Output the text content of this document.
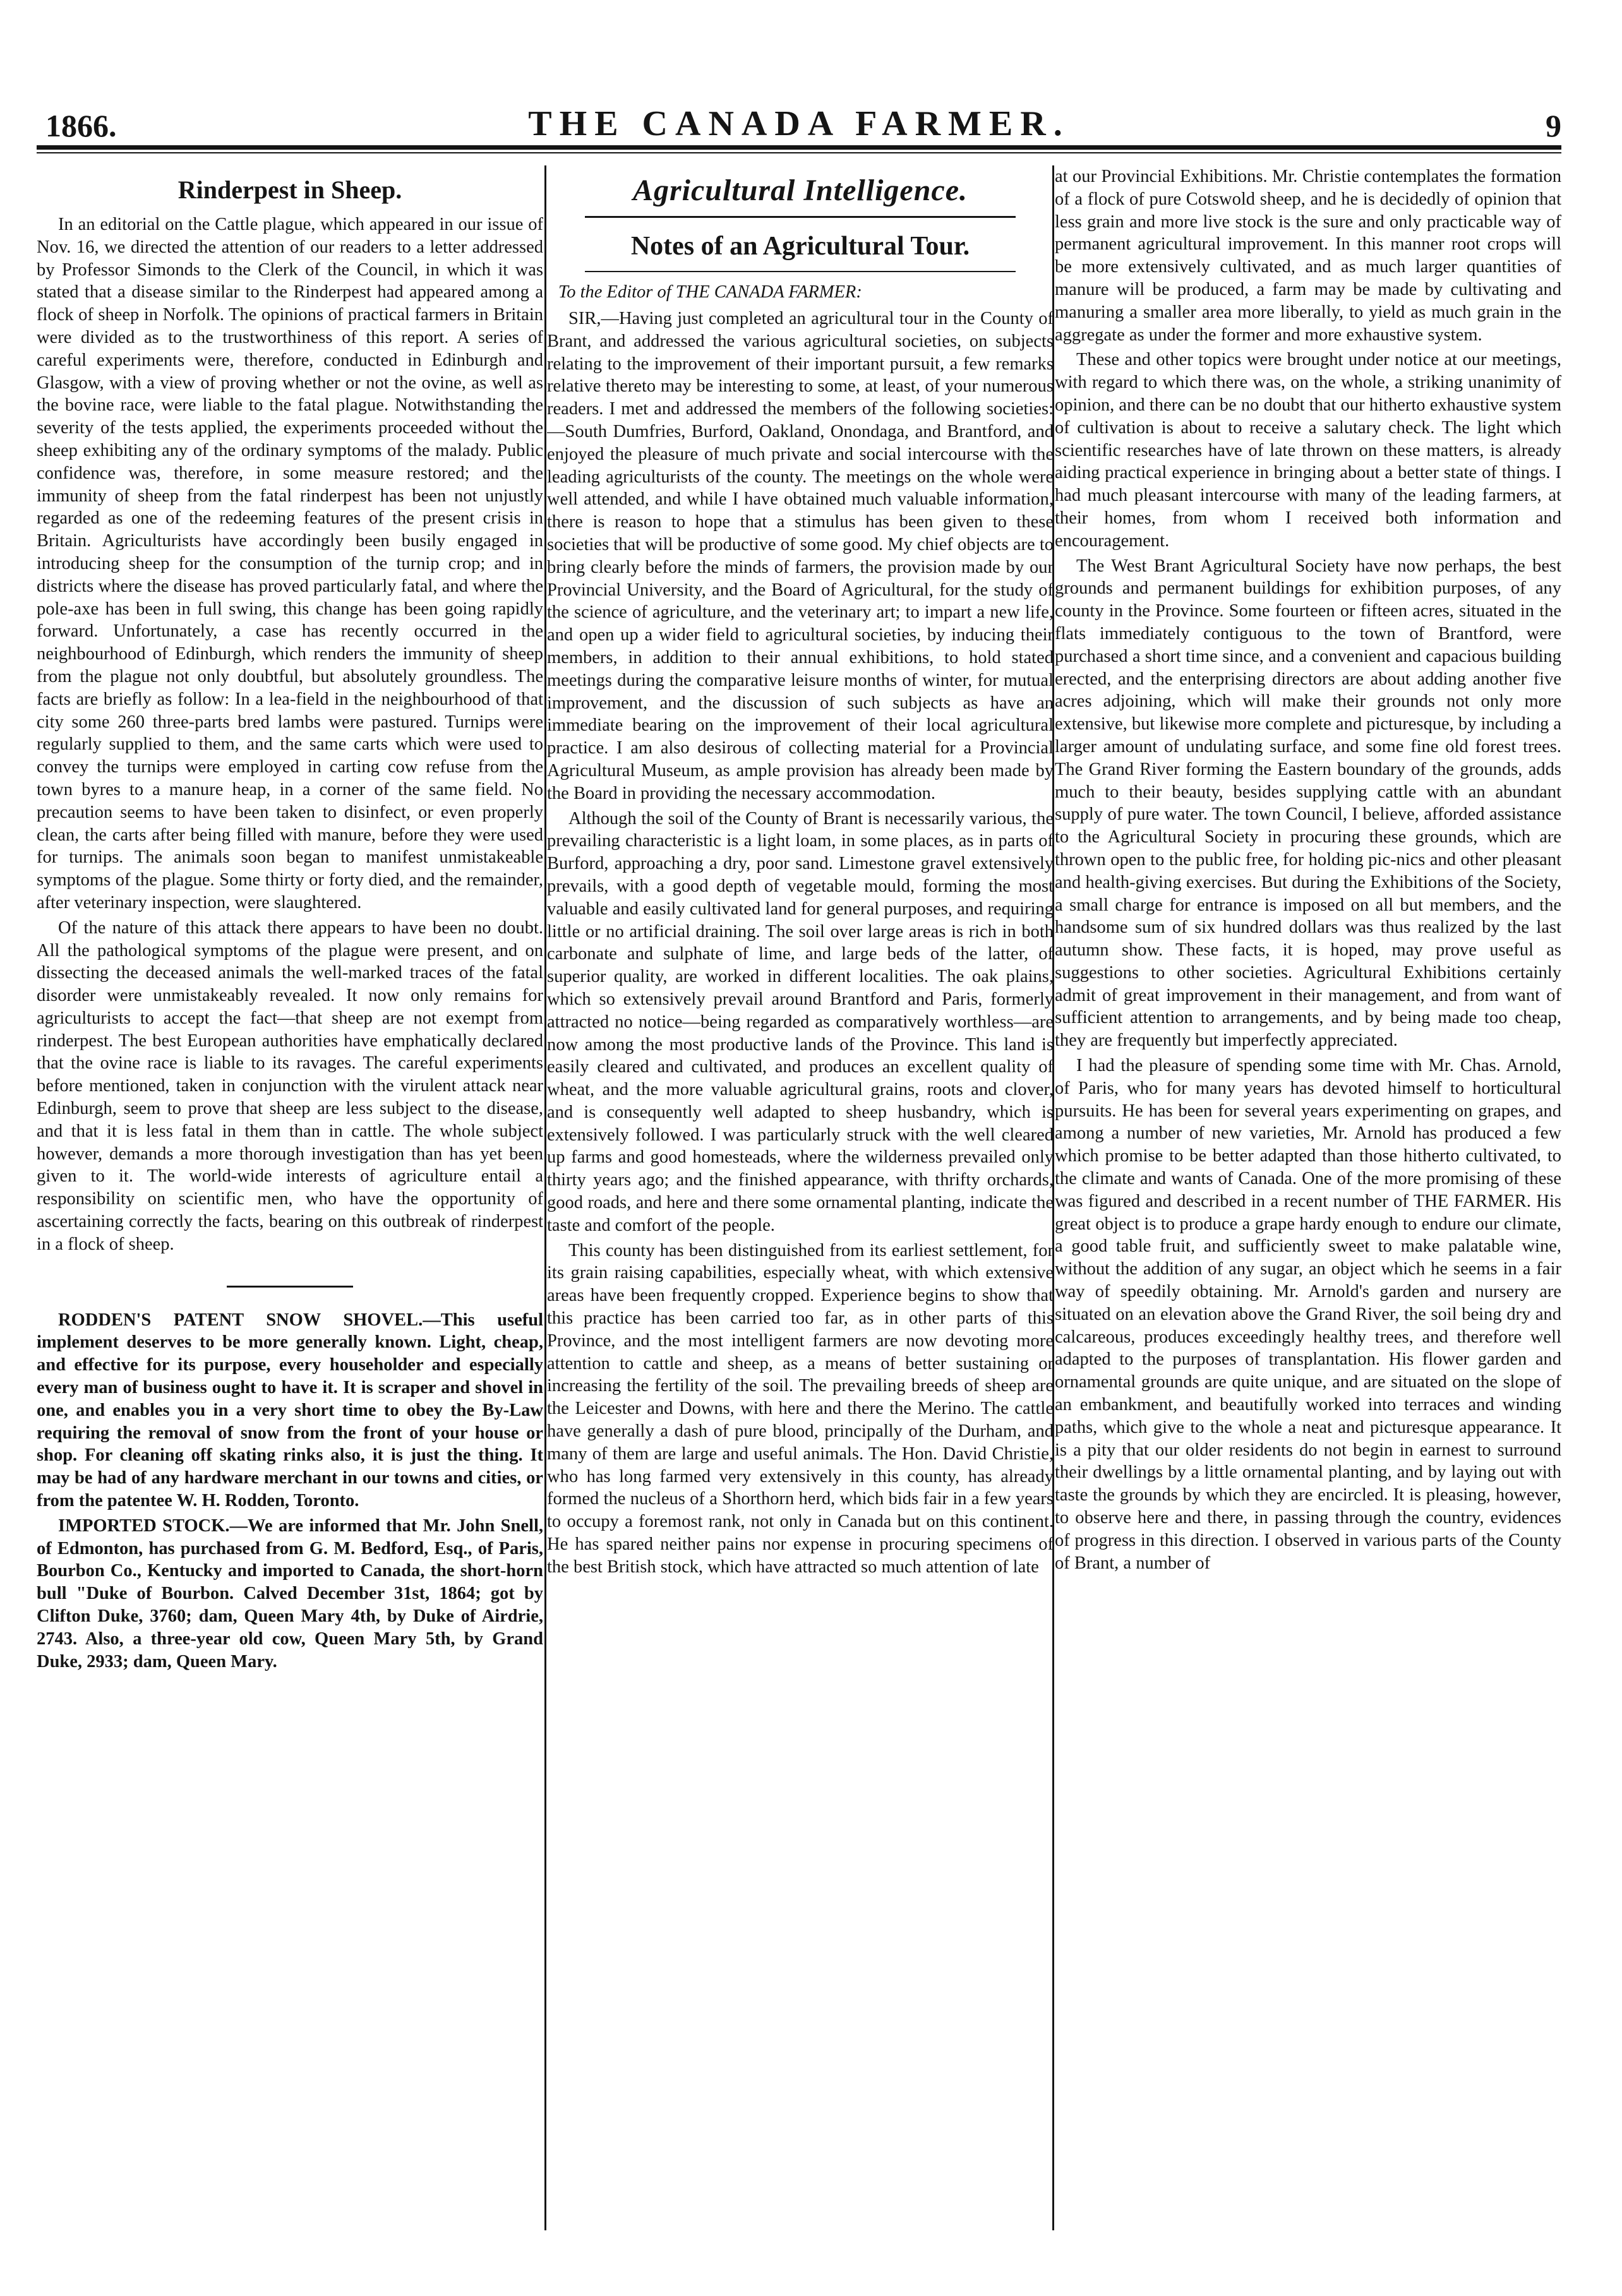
1866.	THE CANADA FARMER.	9
Rinderpest in Sheep.

In an editorial on the Cattle plague, which appeared in our issue of Nov. 16, we directed the attention of our readers to a letter addressed by Professor Simonds to the Clerk of the Council, in which it was stated that a disease similar to the Rinderpest had appeared among a flock of sheep in Norfolk. The opinions of practical farmers in Britain were divided as to the trustworthiness of this report. A series of careful experiments were, therefore, conducted in Edinburgh and Glasgow, with a view of proving whether or not the ovine, as well as the bovine race, were liable to the fatal plague. Notwithstanding the severity of the tests applied, the experiments proceeded without the sheep exhibiting any of the ordinary symptoms of the malady. Public confidence was, therefore, in some measure restored; and the immunity of sheep from the fatal rinderpest has been not unjustly regarded as one of the redeeming features of the present crisis in Britain. Agriculturists have accordingly been busily engaged in introducing sheep for the consumption of the turnip crop; and in districts where the disease has proved particularly fatal, and where the pole-axe has been in full swing, this change has been going rapidly forward. Unfortunately, a case has recently occurred in the neighbourhood of Edinburgh, which renders the immunity of sheep from the plague not only doubtful, but absolutely groundless. The facts are briefly as follow: In a lea-field in the neighbourhood of that city some 260 three-parts bred lambs were pastured. Turnips were regularly supplied to them, and the same carts which were used to convey the turnips were employed in carting cow refuse from the town byres to a manure heap, in a corner of the same field. No precaution seems to have been taken to disinfect, or even properly clean, the carts after being filled with manure, before they were used for turnips. The animals soon began to manifest unmistakeable symptoms of the plague. Some thirty or forty died, and the remainder, after veterinary inspection, were slaughtered.

Of the nature of this attack there appears to have been no doubt. All the pathological symptoms of the plague were present, and on dissecting the deceased animals the well-marked traces of the fatal disorder were unmistakeably revealed. It now only remains for agriculturists to accept the fact—that sheep are not exempt from rinderpest. The best European authorities have emphatically declared that the ovine race is liable to its ravages. The careful experiments before mentioned, taken in conjunction with the virulent attack near Edinburgh, seem to prove that sheep are less subject to the disease, and that it is less fatal in them than in cattle. The whole subject however, demands a more thorough investigation than has yet been given to it. The world-wide interests of agriculture entail a responsibility on scientific men, who have the opportunity of ascertaining correctly the facts, bearing on this outbreak of rinderpest in a flock of sheep.

RODDEN'S PATENT SNOW SHOVEL.—This useful implement deserves to be more generally known. Light, cheap, and effective for its purpose, every householder and especially every man of business ought to have it. It is scraper and shovel in one, and enables you in a very short time to obey the By-Law requiring the removal of snow from the front of your house or shop. For cleaning off skating rinks also, it is just the thing. It may be had of any hardware merchant in our towns and cities, or from the patentee W. H. Rodden, Toronto.

IMPORTED STOCK.—We are informed that Mr. John Snell, of Edmonton, has purchased from G. M. Bedford, Esq., of Paris, Bourbon Co., Kentucky and imported to Canada, the short-horn bull "Duke of Bourbon. Calved December 31st, 1864; got by Clifton Duke, 3760; dam, Queen Mary 4th, by Duke of Airdrie, 2743. Also, a three-year old cow, Queen Mary 5th, by Grand Duke, 2933; dam, Queen Mary.

Agricultural Intelligence.
Notes of an Agricultural Tour.
To the Editor of THE CANADA FARMER:

SIR,—Having just completed an agricultural tour in the County of Brant, and addressed the various agricultural societies, on subjects relating to the improvement of their important pursuit, a few remarks relative thereto may be interesting to some, at least, of your numerous readers. I met and addressed the members of the following societies:—South Dumfries, Burford, Oakland, Onondaga, and Brantford, and enjoyed the pleasure of much private and social intercourse with the leading agriculturists of the county. The meetings on the whole were well attended, and while I have obtained much valuable information, there is reason to hope that a stimulus has been given to these societies that will be productive of some good. My chief objects are to bring clearly before the minds of farmers, the provision made by our Provincial University, and the Board of Agricultural, for the study of the science of agriculture, and the veterinary art; to impart a new life, and open up a wider field to agricultural societies, by inducing their members, in addition to their annual exhibitions, to hold stated meetings during the comparative leisure months of winter, for mutual improvement, and the discussion of such subjects as have an immediate bearing on the improvement of their local agricultural practice. I am also desirous of collecting material for a Provincial Agricultural Museum, as ample provision has already been made by the Board in providing the necessary accommodation.

Although the soil of the County of Brant is necessarily various, the prevailing characteristic is a light loam, in some places, as in parts of Burford, approaching a dry, poor sand. Limestone gravel extensively prevails, with a good depth of vegetable mould, forming the most valuable and easily cultivated land for general purposes, and requiring little or no artificial draining. The soil over large areas is rich in both carbonate and sulphate of lime, and large beds of the latter, of superior quality, are worked in different localities. The oak plains, which so extensively prevail around Brantford and Paris, formerly attracted no notice—being regarded as comparatively worthless—are now among the most productive lands of the Province. This land is easily cleared and cultivated, and produces an excellent quality of wheat, and the more valuable agricultural grains, roots and clover, and is consequently well adapted to sheep husbandry, which is extensively followed. I was particularly struck with the well cleared up farms and good homesteads, where the wilderness prevailed only thirty years ago; and the finished appearance, with thrifty orchards, good roads, and here and there some ornamental planting, indicate the taste and comfort of the people.

This county has been distinguished from its earliest settlement, for its grain raising capabilities, especially wheat, with which extensive areas have been frequently cropped. Experience begins to show that this practice has been carried too far, as in other parts of this Province, and the most intelligent farmers are now devoting more attention to cattle and sheep, as a means of better sustaining or increasing the fertility of the soil. The prevailing breeds of sheep are the Leicester and Downs, with here and there the Merino. The cattle have generally a dash of pure blood, principally of the Durham, and many of them are large and useful animals. The Hon. David Christie, who has long farmed very extensively in this county, has already formed the nucleus of a Shorthorn herd, which bids fair in a few years to occupy a foremost rank, not only in Canada but on this continent. He has spared neither pains nor expense in procuring specimens of the best British stock, which have attracted so much attention of late

at our Provincial Exhibitions. Mr. Christie contemplates the formation of a flock of pure Cotswold sheep, and he is decidedly of opinion that less grain and more live stock is the sure and only practicable way of permanent agricultural improvement. In this manner root crops will be more extensively cultivated, and as much larger quantities of manure will be produced, a farm may be made by cultivating and manuring a smaller area more liberally, to yield as much grain in the aggregate as under the former and more exhaustive system.

These and other topics were brought under notice at our meetings, with regard to which there was, on the whole, a striking unanimity of opinion, and there can be no doubt that our hitherto exhaustive system of cultivation is about to receive a salutary check. The light which scientific researches have of late thrown on these matters, is already aiding practical experience in bringing about a better state of things. I had much pleasant intercourse with many of the leading farmers, at their homes, from whom I received both information and encouragement.

The West Brant Agricultural Society have now perhaps, the best grounds and permanent buildings for exhibition purposes, of any county in the Province. Some fourteen or fifteen acres, situated in the flats immediately contiguous to the town of Brantford, were purchased a short time since, and a convenient and capacious building erected, and the enterprising directors are about adding another five acres adjoining, which will make their grounds not only more extensive, but likewise more complete and picturesque, by including a larger amount of undulating surface, and some fine old forest trees. The Grand River forming the Eastern boundary of the grounds, adds much to their beauty, besides supplying cattle with an abundant supply of pure water. The town Council, I believe, afforded assistance to the Agricultural Society in procuring these grounds, which are thrown open to the public free, for holding pic-nics and other pleasant and health-giving exercises. But during the Exhibitions of the Society, a small charge for entrance is imposed on all but members, and the handsome sum of six hundred dollars was thus realized by the last autumn show. These facts, it is hoped, may prove useful as suggestions to other societies. Agricultural Exhibitions certainly admit of great improvement in their management, and from want of sufficient attention to arrangements, and by being made too cheap, they are frequently but imperfectly appreciated.

I had the pleasure of spending some time with Mr. Chas. Arnold, of Paris, who for many years has devoted himself to horticultural pursuits. He has been for several years experimenting on grapes, and among a number of new varieties, Mr. Arnold has produced a few which promise to be better adapted than those hitherto cultivated, to the climate and wants of Canada. One of the more promising of these was figured and described in a recent number of THE FARMER. His great object is to produce a grape hardy enough to endure our climate, a good table fruit, and sufficiently sweet to make palatable wine, without the addition of any sugar, an object which he seems in a fair way of speedily obtaining. Mr. Arnold's garden and nursery are situated on an elevation above the Grand River, the soil being dry and calcareous, produces exceedingly healthy trees, and therefore well adapted to the purposes of transplantation. His flower garden and ornamental grounds are quite unique, and are situated on the slope of an embankment, and beautifully worked into terraces and winding paths, which give to the whole a neat and picturesque appearance. It is a pity that our older residents do not begin in earnest to surround their dwellings by a little ornamental planting, and by laying out with taste the grounds by which they are encircled. It is pleasing, however, to observe here and there, in passing through the country, evidences of progress in this direction. I observed in various parts of the County of Brant, a number of
